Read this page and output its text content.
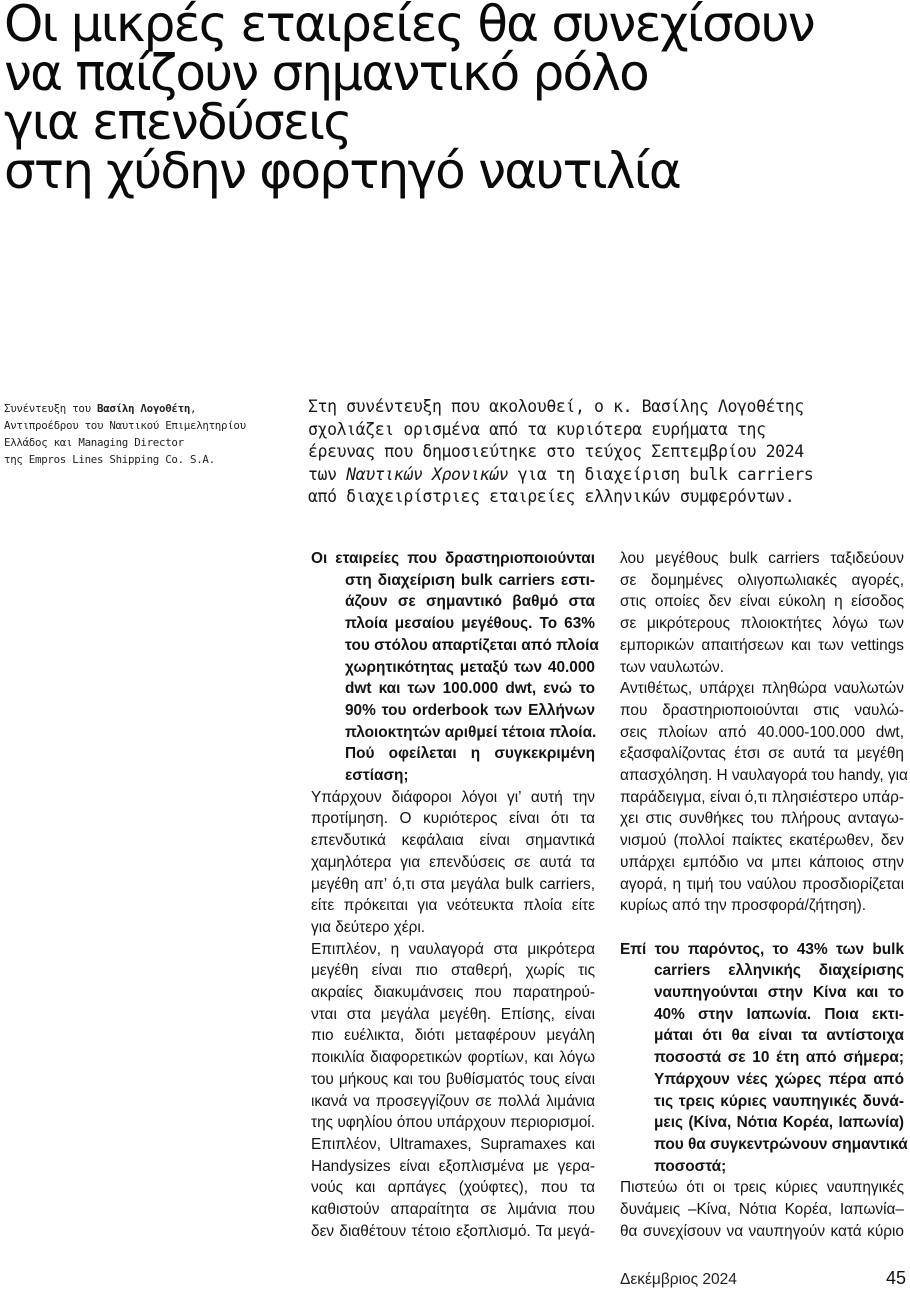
Οι μικρές εταιρείες θα συνεχίσουν
να παίζουν σημαντικό ρόλο
για επενδύσεις
στη χύδην φορτηγό ναυτιλία
Συνέντευξη του Βασίλη Λογοθέτη,
Αντιπροέδρου του Ναυτικού Επιμελητηρίου
Ελλάδος και Managing Director
της Empros Lines Shipping Co. S.A.
Στη συνέντευξη που ακολουθεί, ο κ. Βασίλης Λογοθέτης
σχολιάζει ορισμένα από τα κυριότερα ευρήματα της
έρευνας που δημοσιεύτηκε στο τεύχος Σεπτεμβρίου 2024
των Ναυτικών Χρονικών για τη διαχείριση bulk carriers
από διαχειρίστριες εταιρείες ελληνικών συμφερόντων.
Οι εταιρείες που δραστηριοποιούνται
στη διαχείριση bulk carriers εστι-
άζουν σε σημαντικό βαθμό στα
πλοία μεσαίου μεγέθους. Το 63%
του στόλου απαρτίζεται από πλοία
χωρητικότητας μεταξύ των 40.000
dwt και των 100.000 dwt, ενώ το
90% του orderbook των Ελλήνων
πλοιοκτητών αριθμεί τέτοια πλοία.
Πού οφείλεται η συγκεκριμένη
εστίαση;
Υπάρχουν διάφοροι λόγοι γι’ αυτή την
προτίμηση. Ο κυριότερος είναι ότι τα
επενδυτικά κεφάλαια είναι σημαντικά
χαμηλότερα για επενδύσεις σε αυτά τα
μεγέθη απ’ ό,τι στα μεγάλα bulk carriers,
είτε πρόκειται για νεότευκτα πλοία είτε
για δεύτερο χέρι.
Επιπλέον, η ναυλαγορά στα μικρότερα
μεγέθη είναι πιο σταθερή, χωρίς τις
ακραίες διακυμάνσεις που παρατηρού-
νται στα μεγάλα μεγέθη. Επίσης, είναι
πιο ευέλικτα, διότι μεταφέρουν μεγάλη
ποικιλία διαφορετικών φορτίων, και λόγω
του μήκους και του βυθίσματός τους είναι
ικανά να προσεγγίζουν σε πολλά λιμάνια
της υφηλίου όπου υπάρχουν περιορισμοί.
Επιπλέον, Ultramaxes, Supramaxes και
Handysizes είναι εξοπλισμένα με γερα-
νούς και αρπάγες (χούφτες), που τα
καθιστούν απαραίτητα σε λιμάνια που
δεν διαθέτουν τέτοιο εξοπλισμό. Τα μεγά-
λου μεγέθους bulk carriers ταξιδεύουν
σε δομημένες ολιγοπωλιακές αγορές,
στις οποίες δεν είναι εύκολη η είσοδος
σε μικρότερους πλοιοκτήτες λόγω των
εμπορικών απαιτήσεων και των vettings
των ναυλωτών.
Αντιθέτως, υπάρχει πληθώρα ναυλωτών
που δραστηριοποιούνται στις ναυλώ-
σεις πλοίων από 40.000-100.000 dwt,
εξασφαλίζοντας έτσι σε αυτά τα μεγέθη
απασχόληση. Η ναυλαγορά του handy, για
παράδειγμα, είναι ό,τι πλησιέστερο υπάρ-
χει στις συνθήκες του πλήρους ανταγω-
νισμού (πολλοί παίκτες εκατέρωθεν, δεν
υπάρχει εμπόδιο να μπει κάποιος στην
αγορά, η τιμή του ναύλου προσδιορίζεται
κυρίως από την προσφορά/ζήτηση).
Επί του παρόντος, το 43% των bulk
carriers ελληνικής διαχείρισης
ναυπηγούνται στην Κίνα και το
40% στην Ιαπωνία. Ποια εκτι-
μάται ότι θα είναι τα αντίστοιχα
ποσοστά σε 10 έτη από σήμερα;
Υπάρχουν νέες χώρες πέρα από
τις τρεις κύριες ναυπηγικές δυνά-
μεις (Κίνα, Νότια Κορέα, Ιαπωνία)
που θα συγκεντρώνουν σημαντικά
ποσοστά;
Πιστεύω ότι οι τρεις κύριες ναυπηγικές
δυνάμεις –Κίνα, Νότια Κορέα, Ιαπωνία–
θα συνεχίσουν να ναυπηγούν κατά κύριο
Δεκέμβριος 2024	45
